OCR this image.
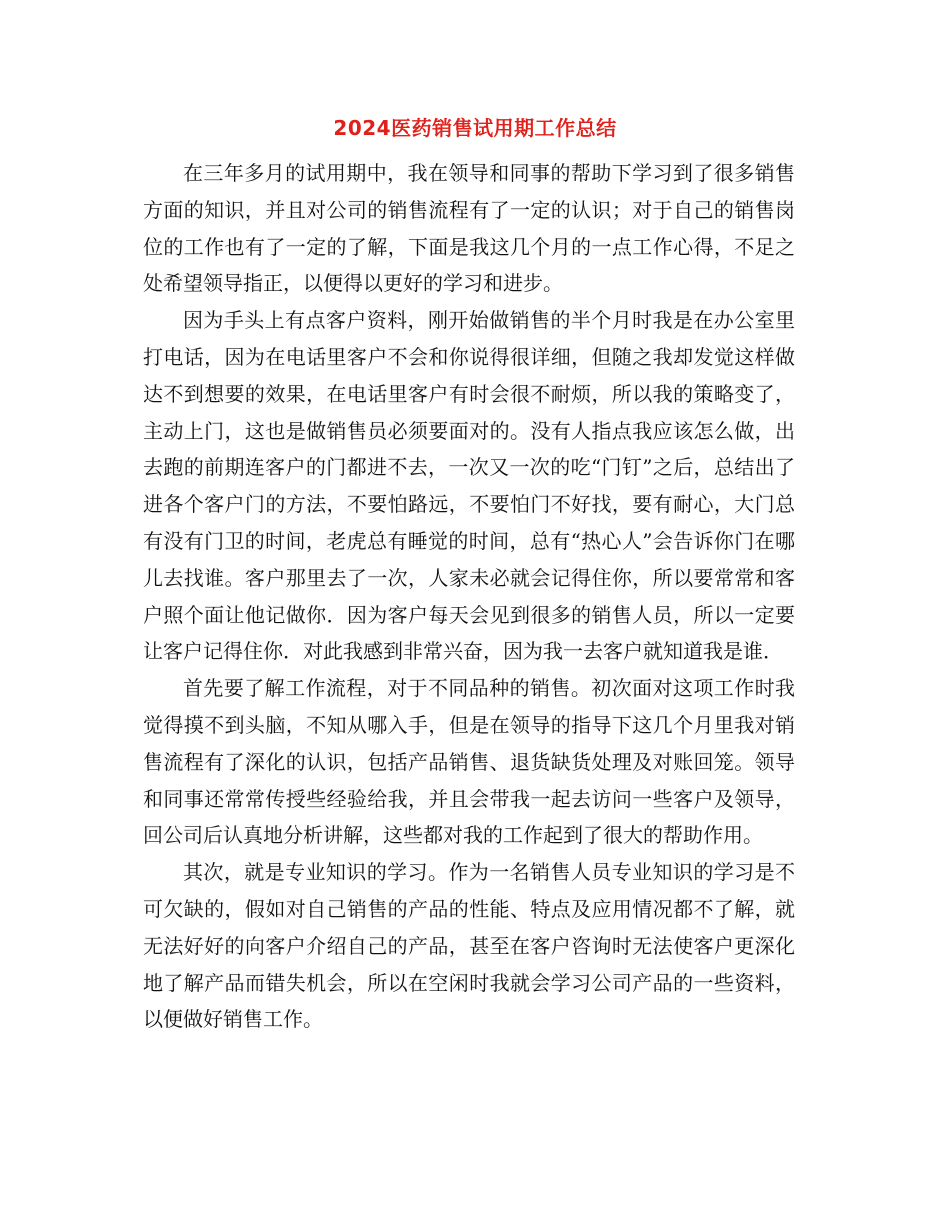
2024医药销售试用期工作总结

在三年多月的试用期中，我在领导和同事的帮助下学习到了很多销售方面的知识，并且对公司的销售流程有了一定的认识；对于自己的销售岗位的工作也有了一定的了解，下面是我这几个月的一点工作心得，不足之处希望领导指正，以便得以更好的学习和进步。

因为手头上有点客户资料，刚开始做销售的半个月时我是在办公室里打电话，因为在电话里客户不会和你说得很详细，但随之我却发觉这样做达不到想要的效果，在电话里客户有时会很不耐烦，所以我的策略变了，主动上门，这也是做销售员必须要面对的。没有人指点我应该怎么做，出去跑的前期连客户的门都进不去，一次又一次的吃“门钉”之后，总结出了进各个客户门的方法，不要怕路远，不要怕门不好找，要有耐心，大门总有没有门卫的时间，老虎总有睡觉的时间，总有“热心人”会告诉你门在哪儿去找谁。客户那里去了一次，人家未必就会记得住你，所以要常常和客户照个面让他记做你．因为客户每天会见到很多的销售人员，所以一定要让客户记得住你．对此我感到非常兴奋，因为我一去客户就知道我是谁．

首先要了解工作流程，对于不同品种的销售。初次面对这项工作时我觉得摸不到头脑，不知从哪入手，但是在领导的指导下这几个月里我对销售流程有了深化的认识，包括产品销售、退货缺货处理及对账回笼。领导和同事还常常传授些经验给我，并且会带我一起去访问一些客户及领导，回公司后认真地分析讲解，这些都对我的工作起到了很大的帮助作用。

其次，就是专业知识的学习。作为一名销售人员专业知识的学习是不可欠缺的，假如对自己销售的产品的性能、特点及应用情况都不了解，就无法好好的向客户介绍自己的产品，甚至在客户咨询时无法使客户更深化地了解产品而错失机会，所以在空闲时我就会学习公司产品的一些资料，以便做好销售工作。
